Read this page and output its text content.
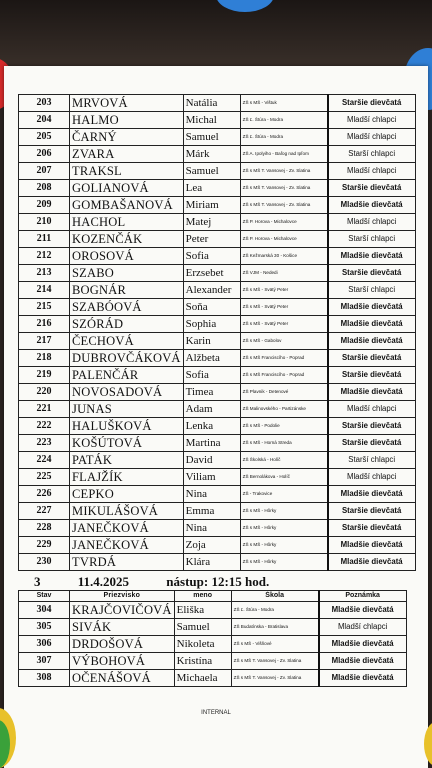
203	MRVOVÁ	Natália	ZŠ s MŠ - Vištuk	Staršie dievčatá
204	HALMO	Michal	ZŠ Ľ. Štúra - Modra	Mladší chlapci
205	ČARNÝ	Samuel	ZŠ Ľ. Štúra - Modra	Mladší chlapci
206	ZVARA	Márk	ZŠ A. Ipolyiho - Baľog nad Ipľom	Starší chlapci
207	TRAKSL	Samuel	ZŠ s MŠ T. Vansovej - Zv. Slatina	Mladší chlapci
208	GOLIANOVÁ	Lea	ZŠ s MŠ T. Vansovej - Zv. Slatina	Staršie dievčatá
209	GOMBAŠANOVÁ	Miriam	ZŠ s MŠ T. Vansovej - Zv. Slatina	Mladšie dievčatá
210	HACHOL	Matej	ZŠ P. Horova - Michalovce	Mladší chlapci
211	KOZENČÁK	Peter	ZŠ P. Horova - Michalovce	Starší chlapci
212	OROSOVÁ	Sofia	ZŠ Kežmarská 30 - Košice	Mladšie dievčatá
213	SZABO	Erzsebet	ZŠ VJM - Nededi	Staršie dievčatá
214	BOGNÁR	Alexander	ZŠ s MŠ - Svätý Peter	Starší chlapci
215	SZABÓOVÁ	Soňa	ZŠ s MŠ - Svätý Peter	Mladšie dievčatá
216	SZÓRÁD	Sophia	ZŠ s MŠ - Svätý Peter	Mladšie dievčatá
217	ČECHOVÁ	Karin	ZŠ s MŠ - Gabolov	Mladšie dievčatá
218	DUBROVČÁKOVÁ	Alžbeta	ZŠ s MŠ Franciscího - Poprad	Staršie dievčatá
219	PALENČÁR	Sofia	ZŠ s MŠ Franciscího - Poprad	Staršie dievčatá
220	NOVOSADOVÁ	Timea	ZŠ Plavnik - Detenové	Mladšie dievčatá
221	JUNAS	Adam	ZŠ Malinovského - Partizánske	Mladší chlapci
222	HALUŠKOVÁ	Lenka	ZŠ s MŠ - Podolie	Staršie dievčatá
223	KOŠÚTOVÁ	Martina	ZŠ s MŠ - Horná Streda	Staršie dievčatá
224	PATÁK	David	ZŠ Školská - Holíč	Starší chlapci
225	FLAJŽÍK	Viliam	ZŠ Bernolákova - Holíč	Mladší chlapci
226	CEPKO	Nina	ZŠ - Trakovice	Mladšie dievčatá
227	MIKULÁŠOVÁ	Emma	ZŠ s MŠ - Hôrky	Staršie dievčatá
228	JANEČKOVÁ	Nina	ZŠ s MŠ - Hôrky	Staršie dievčatá
229	JANEČKOVÁ	Zoja	ZŠ s MŠ - Hôrky	Mladšie dievčatá
230	TVRDÁ	Klára	ZŠ s MŠ - Hôrky	Mladšie dievčatá
3	11.4.2025	nástup: 12:15 hod.
Stav	Priezvisko	meno	Škola	Poznámka
304	KRAJČOVIČOVÁ	Eliška	ZŠ Ľ. Štúra - Modra	Mladšie dievčatá
305	SIVÁK	Samuel	ZŠ Budatínska - Bratislava	Mladší chlapci
306	DRDOŠOVÁ	Nikoleta	ZŠ s MŠ - Višňové	Mladšie dievčatá
307	VÝBOHOVÁ	Kristína	ZŠ s MŠ T. Vansovej - Zv. Slatina	Mladšie dievčatá
308	OČENÁŠOVÁ	Michaela	ZŠ s MŠ T. Vansovej - Zv. Slatina	Mladšie dievčatá
INTERNAL
